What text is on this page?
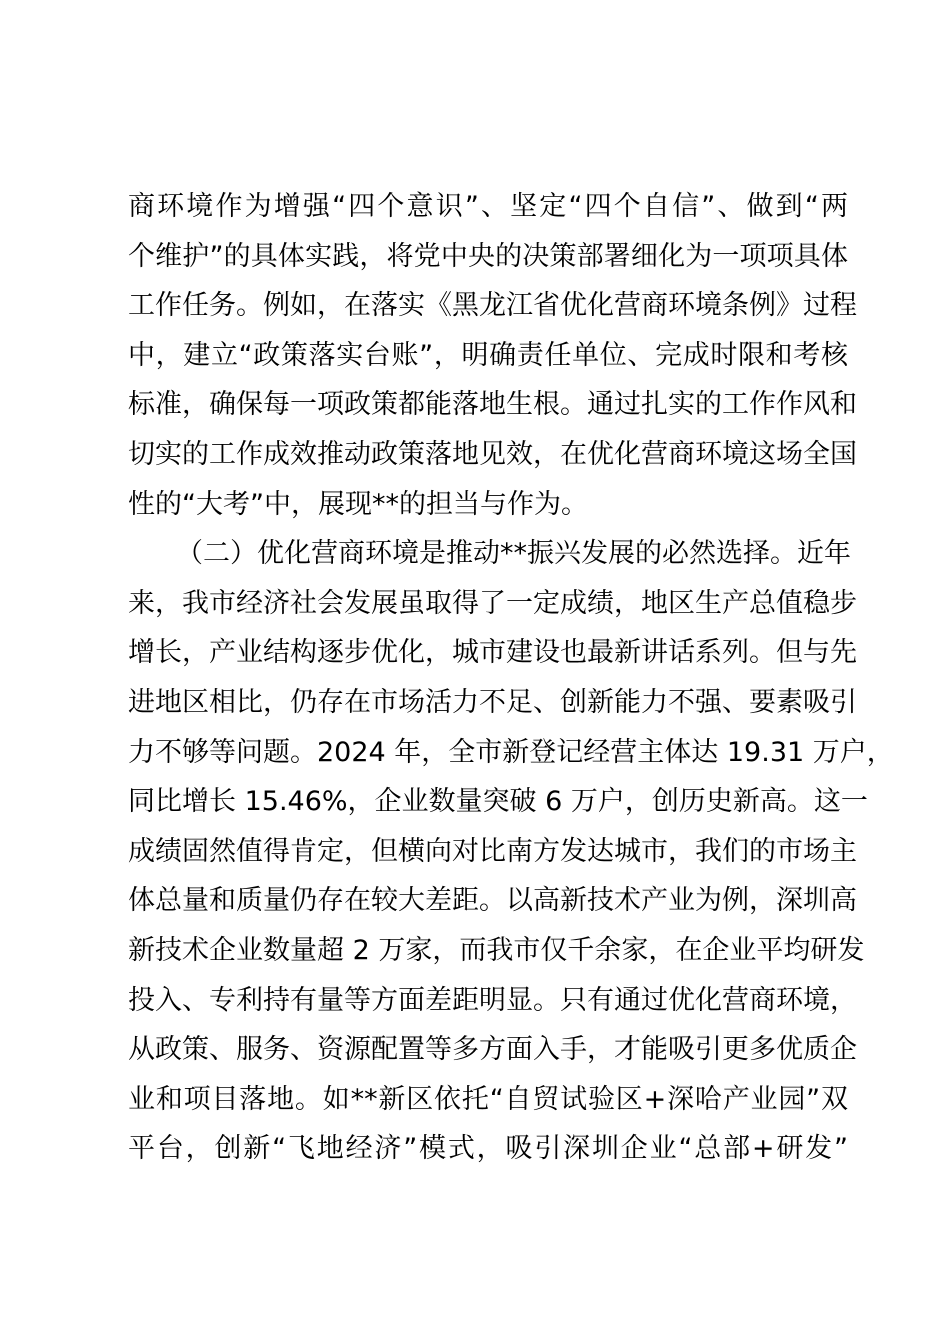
商环境作为增强“四个意识”、坚定“四个自信”、做到“两
个维护”的具体实践，将党中央的决策部署细化为一项项具体
工作任务。例如，在落实《黑龙江省优化营商环境条例》过程
中，建立“政策落实台账”，明确责任单位、完成时限和考核
标准，确保每一项政策都能落地生根。通过扎实的工作作风和
切实的工作成效推动政策落地见效，在优化营商环境这场全国
性的“大考”中，展现**的担当与作为。
（二）优化营商环境是推动**振兴发展的必然选择。近年
来，我市经济社会发展虽取得了一定成绩，地区生产总值稳步
增长，产业结构逐步优化，城市建设也最新讲话系列。但与先
进地区相比，仍存在市场活力不足、创新能力不强、要素吸引
力不够等问题。2024 年，全市新登记经营主体达 19.31 万户，
同比增长 15.46%，企业数量突破 6 万户，创历史新高。这一
成绩固然值得肯定，但横向对比南方发达城市，我们的市场主
体总量和质量仍存在较大差距。以高新技术产业为例，深圳高
新技术企业数量超 2 万家，而我市仅千余家，在企业平均研发
投入、专利持有量等方面差距明显。只有通过优化营商环境，
从政策、服务、资源配置等多方面入手，才能吸引更多优质企
业和项目落地。如**新区依托“自贸试验区+深哈产业园”双
平台，创新“飞地经济”模式，吸引深圳企业“总部+研发”
